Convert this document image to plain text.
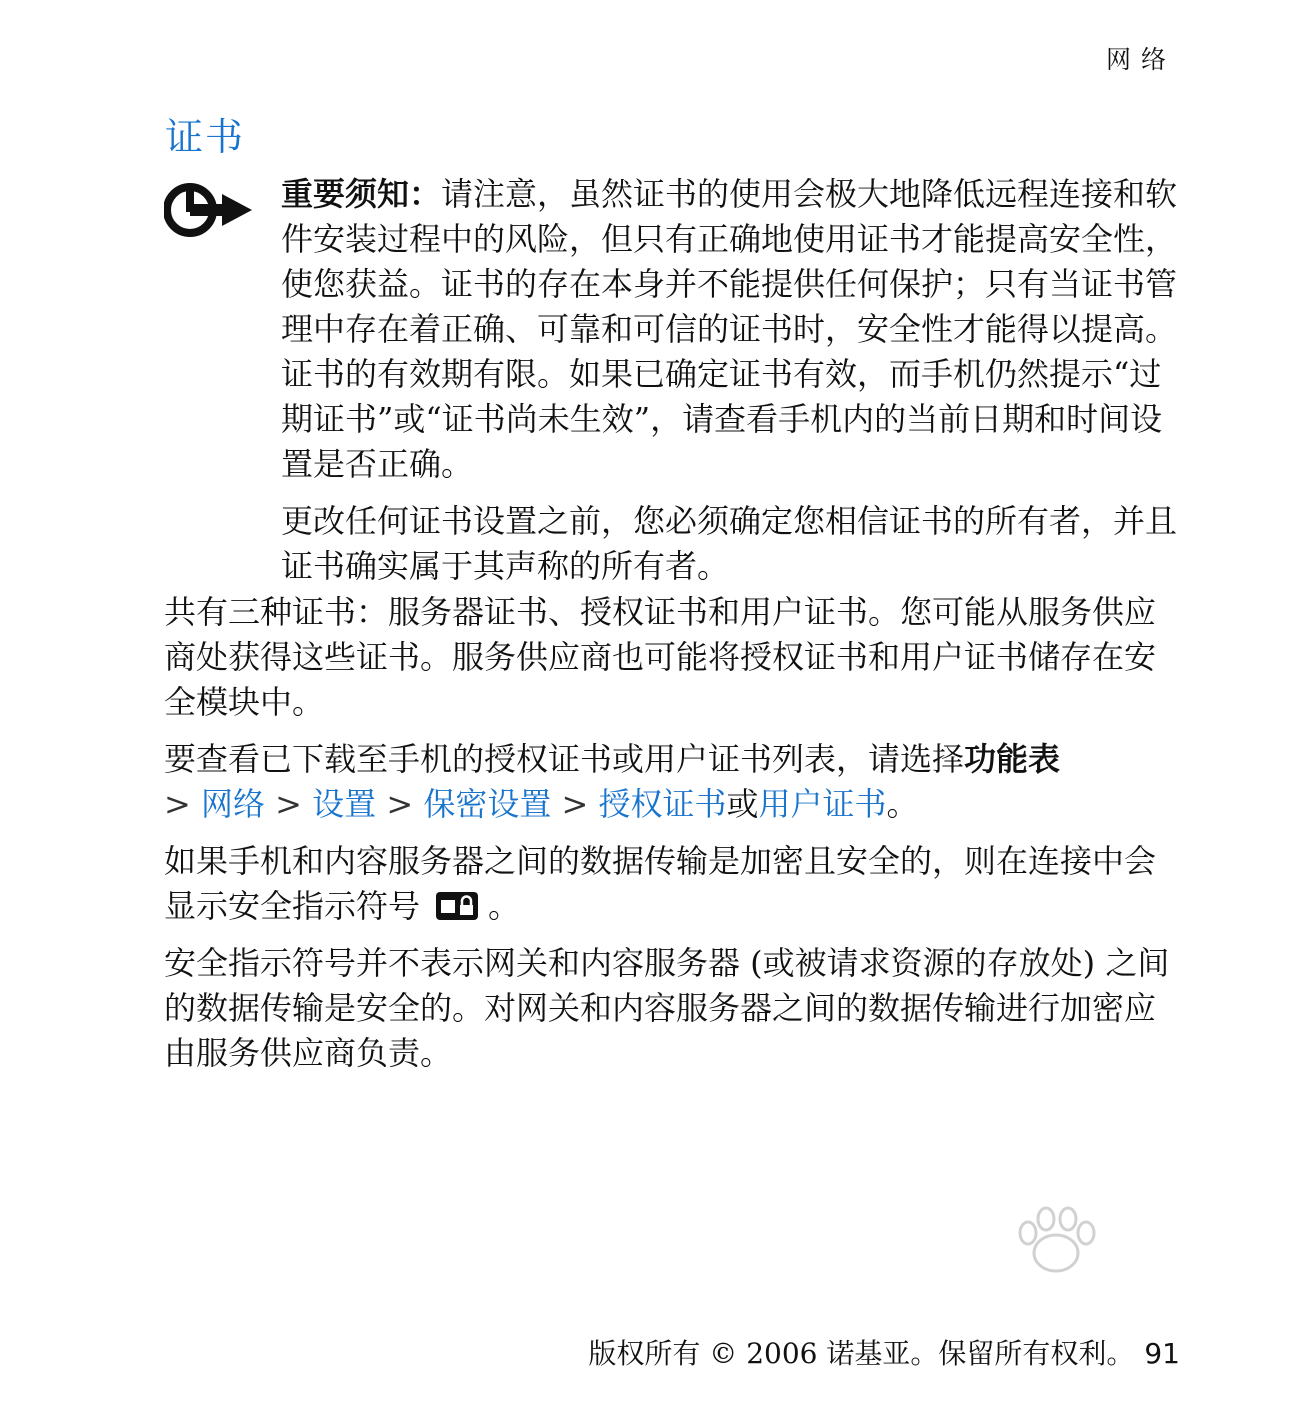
网络
证书

重要须知：请注意，虽然证书的使用会极大地降低远程连接和软件安装过程中的风险，但只有正确地使用证书才能提高安全性，使您获益。证书的存在本身并不能提供任何保护；只有当证书管理中存在着正确、可靠和可信的证书时，安全性才能得以提高。证书的有效期有限。如果已确定证书有效，而手机仍然提示“过期证书”或“证书尚未生效”，请查看手机内的当前日期和时间设置是否正确。

更改任何证书设置之前，您必须确定您相信证书的所有者，并且证书确实属于其声称的所有者。

共有三种证书：服务器证书、授权证书和用户证书。您可能从服务供应商处获得这些证书。服务供应商也可能将授权证书和用户证书储存在安全模块中。

要查看已下载至手机的授权证书或用户证书列表，请选择功能表
> 网络 > 设置 > 保密设置 > 授权证书或用户证书。

如果手机和内容服务器之间的数据传输是加密且安全的，则在连接中会显示安全指示符号 。

安全指示符号并不表示网关和内容服务器 (或被请求资源的存放处) 之间的数据传输是安全的。对网关和内容服务器之间的数据传输进行加密应由服务供应商负责。

版权所有 © 2006 诺基亚。保留所有权利。 91
